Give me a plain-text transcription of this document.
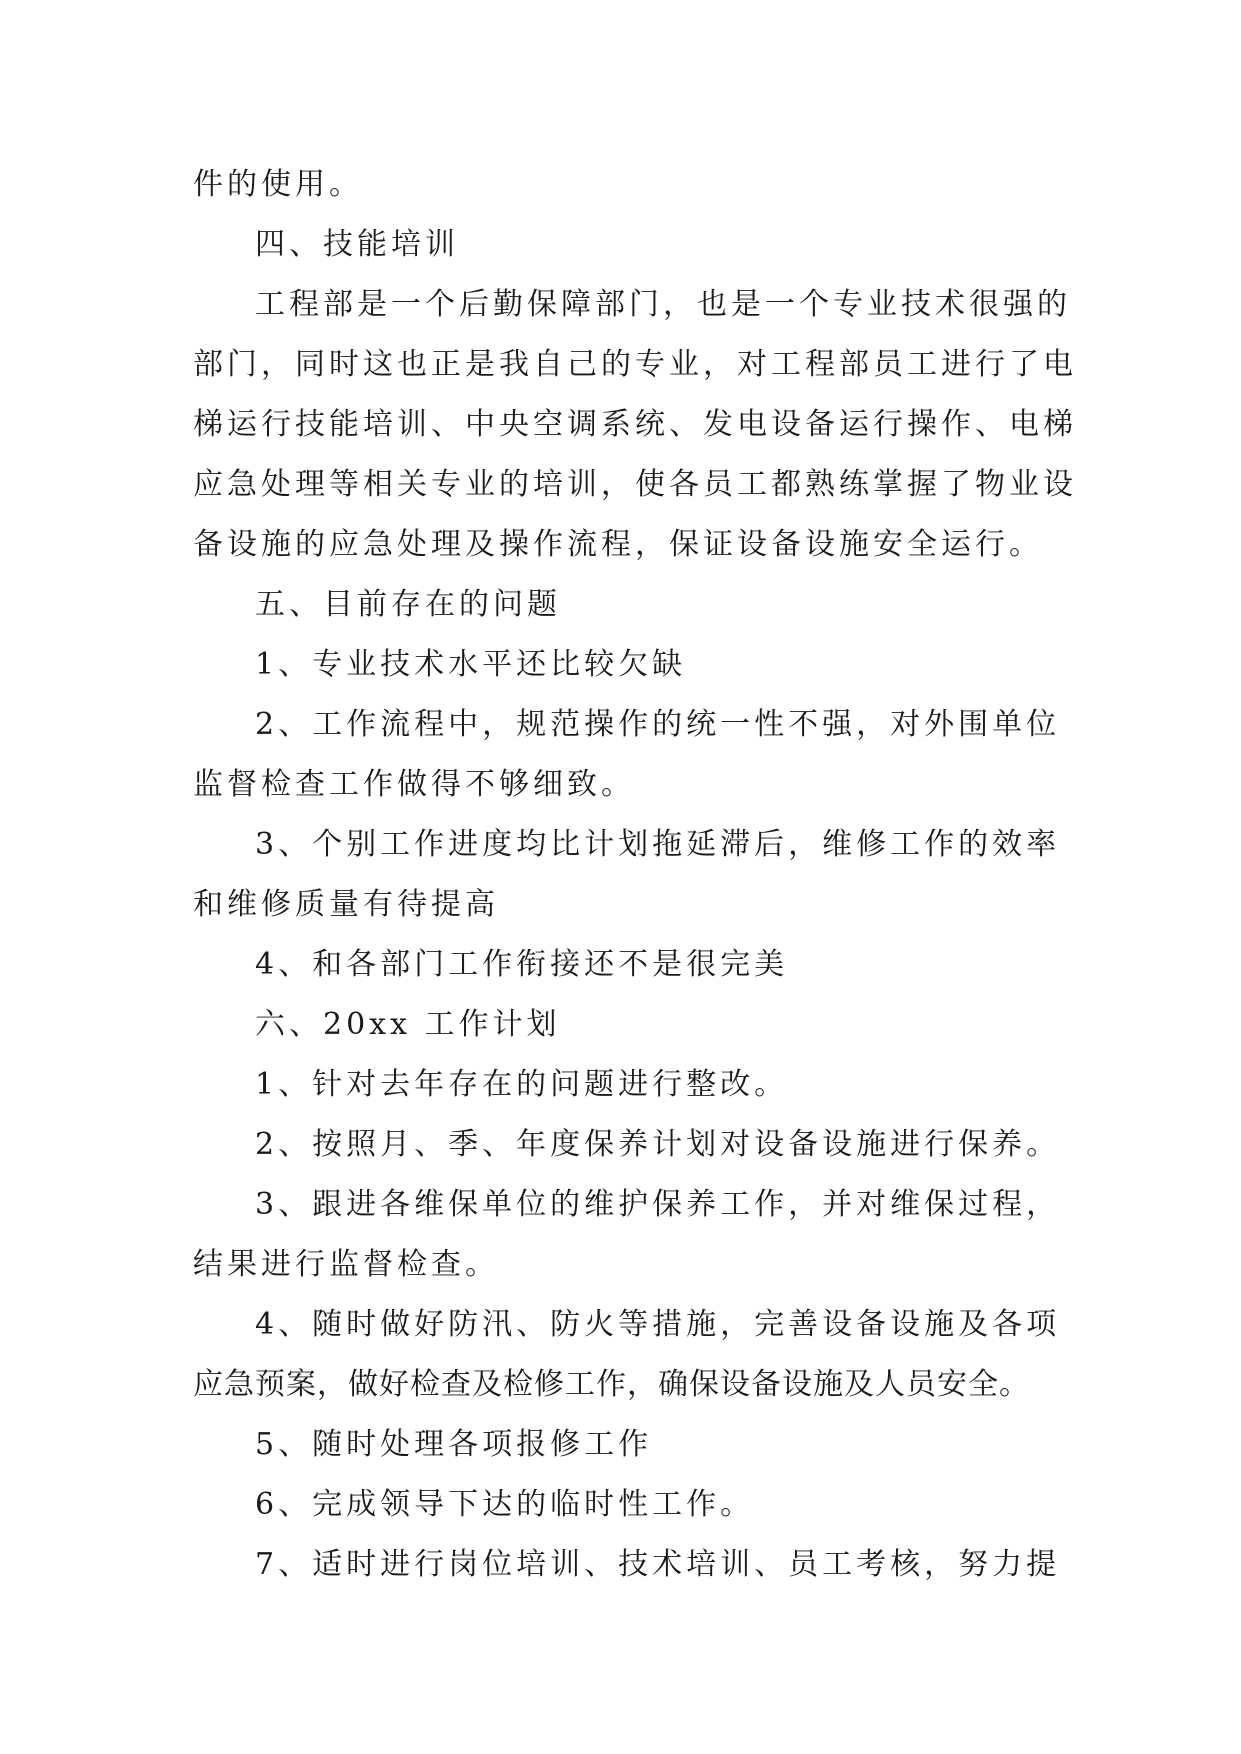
件的使用。
四、技能培训
工程部是一个后勤保障部门，也是一个专业技术很强的
部门，同时这也正是我自己的专业，对工程部员工进行了电
梯运行技能培训、中央空调系统、发电设备运行操作、电梯
应急处理等相关专业的培训，使各员工都熟练掌握了物业设
备设施的应急处理及操作流程，保证设备设施安全运行。
五、目前存在的问题
1、专业技术水平还比较欠缺
2、工作流程中，规范操作的统一性不强，对外围单位
监督检查工作做得不够细致。
3、个别工作进度均比计划拖延滞后，维修工作的效率
和维修质量有待提高
4、和各部门工作衔接还不是很完美
六、20xx 工作计划
1、针对去年存在的问题进行整改。
2、按照月、季、年度保养计划对设备设施进行保养。
3、跟进各维保单位的维护保养工作，并对维保过程，
结果进行监督检查。
4、随时做好防汛、防火等措施，完善设备设施及各项
应急预案，做好检查及检修工作，确保设备设施及人员安全。
5、随时处理各项报修工作
6、完成领导下达的临时性工作。
7、适时进行岗位培训、技术培训、员工考核，努力提
